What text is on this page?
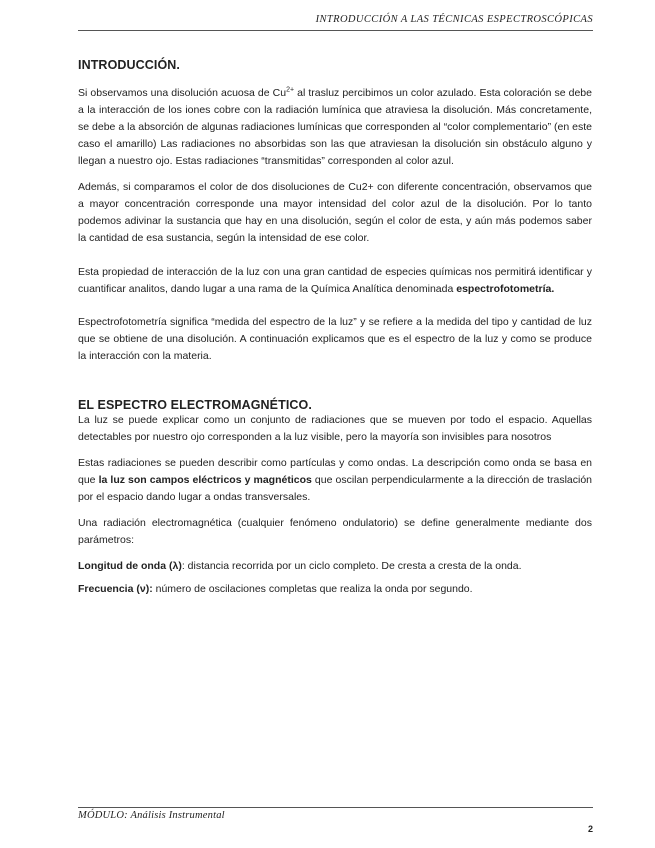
INTRODUCCIÓN A LAS TÉCNICAS ESPECTROSCÓPICAS
INTRODUCCIÓN.

Si observamos una disolución acuosa de $Cu^{2+}$ al trasluz percibimos un color azulado. Esta coloración se debe a la interacción de los iones cobre con la radiación lumínica que atraviesa la disolución. Más concretamente, se debe a la absorción de algunas radiaciones lumínicas que corresponden al “color complementario” (en este caso el amarillo) Las radiaciones no absorbidas son las que atraviesan la disolución sin obstáculo alguno y llegan a nuestro ojo. Estas radiaciones “transmitidas” corresponden al color azul.

Además, si comparamos el color de dos disoluciones de Cu2+ con diferente concentración, observamos que a mayor concentración corresponde una mayor intensidad del color azul de la disolución. Por lo tanto podemos adivinar la sustancia que hay en una disolución, según el color de esta, y aún más podemos saber la cantidad de esa sustancia, según la intensidad de ese color.

Esta propiedad de interacción de la luz con una gran cantidad de especies químicas nos permitirá identificar y cuantificar analitos, dando lugar a una rama de la Química Analítica denominada espectrofotometría.

Espectrofotometría significa “medida del espectro de la luz” y se refiere a la medida del tipo y cantidad de luz que se obtiene de una disolución. A continuación explicamos que es el espectro de la luz y como se produce la interacción con la materia.

EL ESPECTRO ELECTROMAGNÉTICO.

La luz se puede explicar como un conjunto de radiaciones que se mueven por todo el espacio. Aquellas detectables por nuestro ojo corresponden a la luz visible, pero la mayoría son invisibles para nosotros

Estas radiaciones se pueden describir como partículas y como ondas. La descripción como onda se basa en que la luz son campos eléctricos y magnéticos que oscilan perpendicularmente a la dirección de traslación por el espacio dando lugar a ondas transversales.

Una radiación electromagnética (cualquier fenómeno ondulatorio) se define generalmente mediante dos parámetros:

Longitud de onda (λ): distancia recorrida por un ciclo completo. De cresta a cresta de la onda.

Frecuencia (ν): número de oscilaciones completas que realiza la onda por segundo.

MÓDULO: Análisis Instrumental
2
